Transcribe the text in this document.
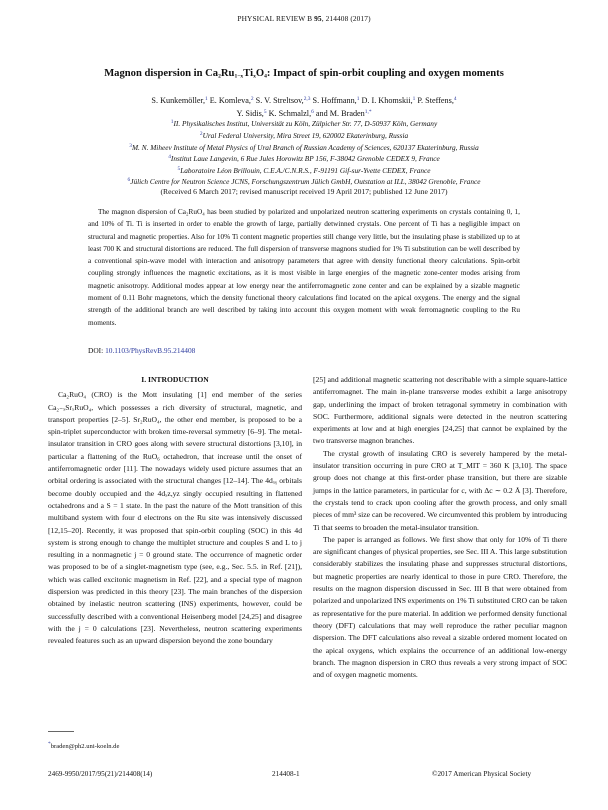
PHYSICAL REVIEW B 95, 214408 (2017)
Magnon dispersion in $Ca_2Ru_{1-x}Ti_xO_4$: Impact of spin-orbit coupling and oxygen moments
S. Kunkemöller,$^1$ E. Komleva,$^2$ S. V. Streltsov,$^{2,3}$ S. Hoffmann,$^1$ D. I. Khomskii,$^1$ P. Steffens,$^4$
Y. Sidis,$^5$ K. Schmalzl,$^6$ and M. Braden$^{1,*}$
$^1$II. Physikalisches Institut, Universität zu Köln, Zülpicher Str. 77, D-50937 Köln, Germany
$^2$Ural Federal University, Mira Street 19, 620002 Ekaterinburg, Russia
$^3$M. N. Miheev Institute of Metal Physics of Ural Branch of Russian Academy of Sciences, 620137 Ekaterinburg, Russia
$^4$Institut Laue Langevin, 6 Rue Jules Horowitz BP 156, F-38042 Grenoble CEDEX 9, France
$^5$Laboratoire Léon Brillouin, C.E.A./C.N.R.S., F-91191 Gif-sur-Yvette CEDEX, France
$^6$Jülich Centre for Neutron Science JCNS, Forschungszentrum Jülich GmbH, Outstation at ILL, 38042 Grenoble, France
(Received 6 March 2017; revised manuscript received 19 April 2017; published 12 June 2017)
The magnon dispersion of Ca₂RuO₄ has been studied by polarized and unpolarized neutron scattering experiments on crystals containing 0, 1, and 10% of Ti. Ti is inserted in order to enable the growth of large, partially detwinned crystals. One percent of Ti has a negligible impact on structural and magnetic properties. Also for 10% Ti content magnetic properties still change very little, but the insulating phase is stabilized up to at least 700 K and structural distortions are reduced. The full dispersion of transverse magnons studied for 1% Ti substitution can be well described by a conventional spin-wave model with interaction and anisotropy parameters that agree with density functional theory calculations. Spin-orbit coupling strongly influences the magnetic excitations, as it is most visible in large energies of the magnetic zone-center modes arising from magnetic anisotropy. Additional modes appear at low energy near the antiferromagnetic zone center and can be explained by a sizable magnetic moment of 0.11 Bohr magnetons, which the density functional theory calculations find located on the apical oxygens. The energy and the signal strength of the additional branch are well described by taking into account this oxygen moment with weak ferromagnetic coupling to the Ru moments.
DOI: 10.1103/PhysRevB.95.214408
I. INTRODUCTION

Ca₂RuO₄ (CRO) is the Mott insulating [1] end member of the series Ca₂₋ₓSrₓRuO₄, which possesses a rich diversity of structural, magnetic, and transport properties [2–5]. Sr₂RuO₄, the other end member, is proposed to be a spin-triplet superconductor with broken time-reversal symmetry [6–9]. The metal-insulator transition in CRO goes along with severe structural distortions [3,10], in particular a flattening of the RuO₆ octahedron, that increase until the onset of antiferromagnetic order [11]. The nowadays widely used picture assumes that an orbital ordering is associated with the structural changes [12–14]. The 4dₓᵧ orbitals become doubly occupied and the 4dₓz,yz singly occupied resulting in flattened octahedrons and a S = 1 state. In the past the nature of the Mott transition of this multiband system with four d electrons on the Ru site was intensively discussed [12,15–20]. Recently, it was proposed that spin-orbit coupling (SOC) in this 4d system is strong enough to change the multiplet structure and couples S and L to j resulting in a nonmagnetic j = 0 ground state. The occurrence of magnetic order was proposed to be of a singlet-magnetism type (see, e.g., Sec. 5.5. in Ref. [21]), which was called excitonic magnetism in Ref. [22], and a special type of magnon dispersion was predicted in this theory [23]. The main branches of the dispersion obtained by inelastic neutron scattering (INS) experiments, however, could be successfully described with a conventional Heisenberg model [24,25] and disagree with the j = 0 calculations [23]. Nevertheless, neutron scattering experiments revealed features such as an upward dispersion beyond the zone boundary

[25] and additional magnetic scattering not describable with a simple square-lattice antiferromagnet. The main in-plane transverse modes exhibit a large anisotropy gap, underlining the impact of broken tetragonal symmetry in combination with SOC. Furthermore, additional signals were detected in the neutron scattering experiments at low and at high energies [24,25] that cannot be explained by the two transverse magnon branches.

The crystal growth of insulating CRO is severely hampered by the metal-insulator transition occurring in pure CRO at T_MIT = 360 K [3,10]. The space group does not change at this first-order phase transition, but there are sizable jumps in the lattice parameters, in particular for c, with Δc ∼ 0.2 Å [3]. Therefore, the crystals tend to crack upon cooling after the growth process, and only small pieces of mm³ size can be recovered. We circumvented this problem by introducing Ti that seems to broaden the metal-insulator transition.

The paper is arranged as follows. We first show that only for 10% of Ti there are significant changes of physical properties, see Sec. III A. This large substitution considerably stabilizes the insulating phase and suppresses structural distortions, but magnetic properties are nearly identical to those in pure CRO. Therefore, the results on the magnon dispersion discussed in Sec. III B that were obtained from polarized and unpolarized INS experiments on 1% Ti substituted CRO can be taken as representative for the pure material. In addition we performed density functional theory (DFT) calculations that may well reproduce the rather peculiar magnon dispersion. The DFT calculations also reveal a sizable ordered moment located on the apical oxygens, which explains the occurrence of an additional low-energy branch. The magnon dispersion in CRO thus reveals a very strong impact of SOC and of oxygen magnetic moments.

*braden@ph2.uni-koeln.de
2469-9950/2017/95(21)/214408(14)	214408-1	©2017 American Physical Society
